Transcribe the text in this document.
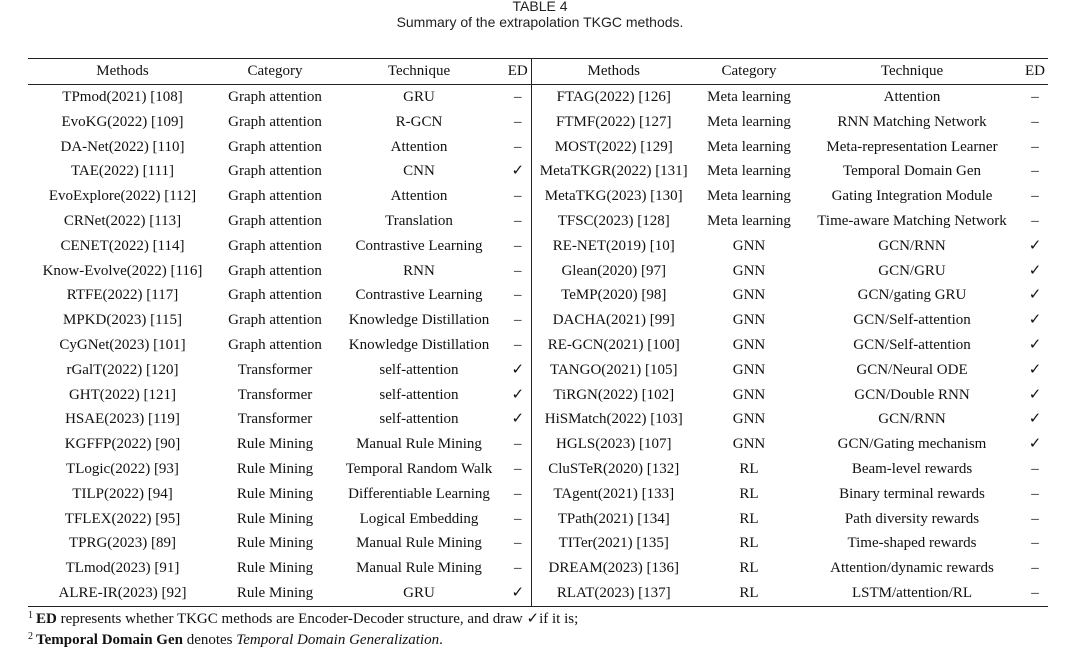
TABLE 4
Summary of the extrapolation TKGC methods.
Methods	Category	Technique	ED	Methods	Category	Technique	ED
TPmod(2021) [108]	Graph attention	GRU	–	FTAG(2022) [126]	Meta learning	Attention	–
EvoKG(2022) [109]	Graph attention	R-GCN	–	FTMF(2022) [127]	Meta learning	RNN Matching Network	–
DA-Net(2022) [110]	Graph attention	Attention	–	MOST(2022) [129]	Meta learning	Meta-representation Learner	–
TAE(2022) [111]	Graph attention	CNN	✓	MetaTKGR(2022) [131]	Meta learning	Temporal Domain Gen	–
EvoExplore(2022) [112]	Graph attention	Attention	–	MetaTKG(2023) [130]	Meta learning	Gating Integration Module	–
CRNet(2022) [113]	Graph attention	Translation	–	TFSC(2023) [128]	Meta learning	Time-aware Matching Network	–
CENET(2022) [114]	Graph attention	Contrastive Learning	–	RE-NET(2019) [10]	GNN	GCN/RNN	✓
Know-Evolve(2022) [116]	Graph attention	RNN	–	Glean(2020) [97]	GNN	GCN/GRU	✓
RTFE(2022) [117]	Graph attention	Contrastive Learning	–	TeMP(2020) [98]	GNN	GCN/gating GRU	✓
MPKD(2023) [115]	Graph attention	Knowledge Distillation	–	DACHA(2021) [99]	GNN	GCN/Self-attention	✓
CyGNet(2023) [101]	Graph attention	Knowledge Distillation	–	RE-GCN(2021) [100]	GNN	GCN/Self-attention	✓
rGalT(2022) [120]	Transformer	self-attention	✓	TANGO(2021) [105]	GNN	GCN/Neural ODE	✓
GHT(2022) [121]	Transformer	self-attention	✓	TiRGN(2022) [102]	GNN	GCN/Double RNN	✓
HSAE(2023) [119]	Transformer	self-attention	✓	HiSMatch(2022) [103]	GNN	GCN/RNN	✓
KGFFP(2022) [90]	Rule Mining	Manual Rule Mining	–	HGLS(2023) [107]	GNN	GCN/Gating mechanism	✓
TLogic(2022) [93]	Rule Mining	Temporal Random Walk	–	CluSTeR(2020) [132]	RL	Beam-level rewards	–
TILP(2022) [94]	Rule Mining	Differentiable Learning	–	TAgent(2021) [133]	RL	Binary terminal rewards	–
TFLEX(2022) [95]	Rule Mining	Logical Embedding	–	TPath(2021) [134]	RL	Path diversity rewards	–
TPRG(2023) [89]	Rule Mining	Manual Rule Mining	–	TITer(2021) [135]	RL	Time-shaped rewards	–
TLmod(2023) [91]	Rule Mining	Manual Rule Mining	–	DREAM(2023) [136]	RL	Attention/dynamic rewards	–
ALRE-IR(2023) [92]	Rule Mining	GRU	✓	RLAT(2023) [137]	RL	LSTM/attention/RL	–
$^1$ ED represents whether TKGC methods are Encoder-Decoder structure, and draw ✓if it is;
$^2$ Temporal Domain Gen denotes Temporal Domain Generalization.
